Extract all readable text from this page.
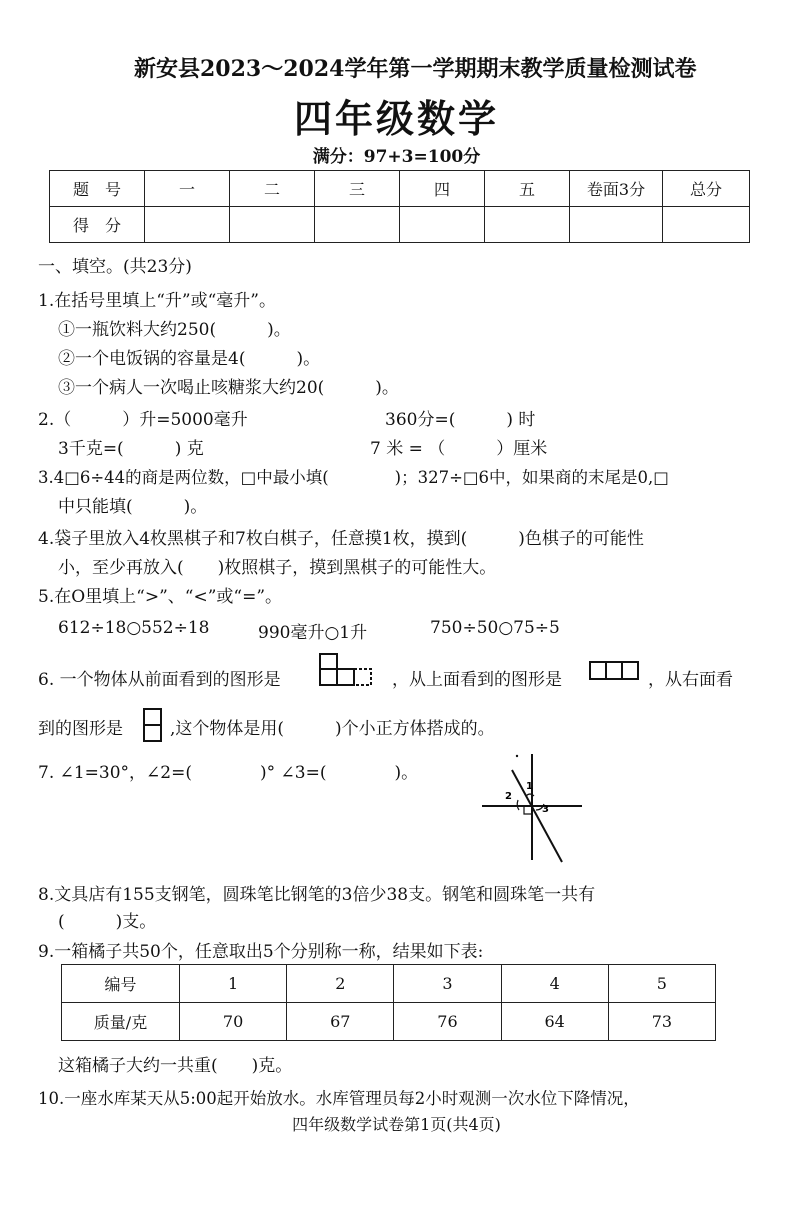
新安县2023～2024学年第一学期期末教学质量检测试卷
四年级数学
满分：97+3=100分
题　号	一	二	三	四	五	卷面3分	总分
得　分							
一、填空。(共23分)
1.在括号里填上“升”或“毫升”。
①一瓶饮料大约250(　　　)。
②一个电饭锅的容量是4(　　　)。
③一个病人一次喝止咳糖浆大约20(　　　)。
2.（　　　）升=5000毫升	360分=(　　　) 时
3千克=(　　　) 克	7 米 = （　　　）厘米
3.4□6÷44的商是两位数，□中最小填(　　　　)；327÷□6中，如果商的末尾是0,□
中只能填(　　　)。
4.袋子里放入4枚黑棋子和7枚白棋子，任意摸1枚，摸到(　　　)色棋子的可能性
小，至少再放入(　　)枚照棋子，摸到黑棋子的可能性大。
5.在O里填上“>”、“<”或“=”。
612÷18○552÷18	990毫升○1升	750÷50○75÷5
6. 一个物体从前面看到的图形是	，从上面看到的图形是	，从右面看
到的图形是	,这个物体是用(　　　)个小正方体搭成的。
7. ∠1=30°，∠2=(　　　　)° ∠3=(　　　　)。
1
2
3
8.文具店有155支钢笔，圆珠笔比钢笔的3倍少38支。钢笔和圆珠笔一共有
(　　　)支。
9.一箱橘子共50个，任意取出5个分别称一称，结果如下表:
编号	1	2	3	4	5
质量/克	70	67	76	64	73
这箱橘子大约一共重(　　)克。
10.一座水库某天从5:00起开始放水。水库管理员每2小时观测一次水位下降情况，
四年级数学试卷第1页(共4页)
